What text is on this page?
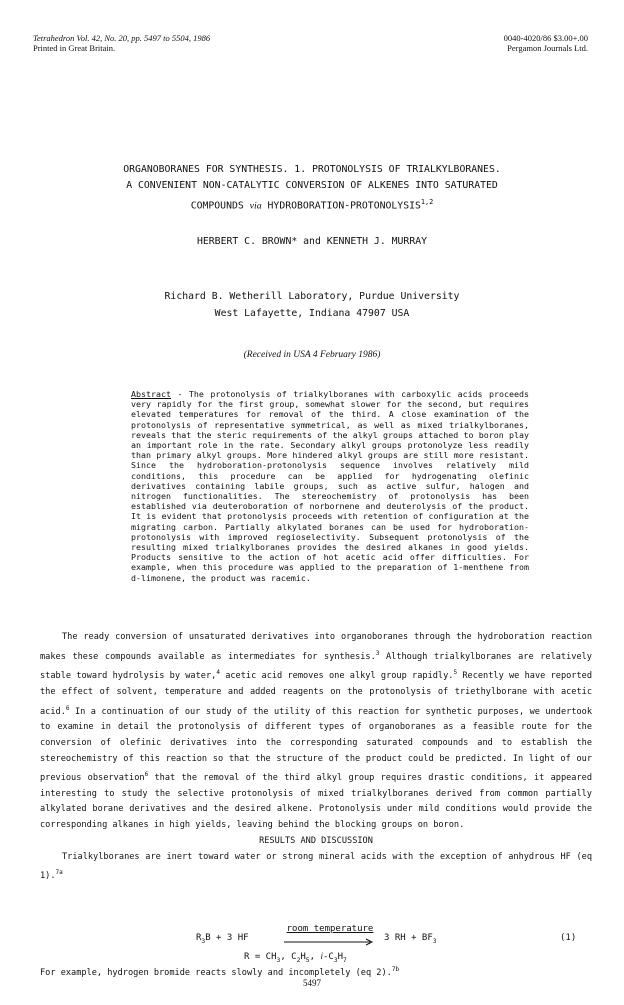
Tetrahedron Vol. 42, No. 20, pp. 5497 to 5504, 1986
Printed in Great Britain.
0040-4020/86 $3.00+.00
Pergamon Journals Ltd.
ORGANOBORANES FOR SYNTHESIS. 1. PROTONOLYSIS OF TRIALKYLBORANES.
A CONVENIENT NON-CATALYTIC CONVERSION OF ALKENES INTO SATURATED
COMPOUNDS via HYDROBORATION-PROTONOLYSIS$^{1,2}$
HERBERT C. BROWN* and KENNETH J. MURRAY
Richard B. Wetherill Laboratory, Purdue University
West Lafayette, Indiana 47907 USA
(Received in USA 4 February 1986)
Abstract - The protonolysis of trialkylboranes with carboxylic acids proceeds very rapidly for the first group, somewhat slower for the second, but requires elevated temperatures for removal of the third. A close examination of the protonolysis of representative symmetrical, as well as mixed trialkylboranes, reveals that the steric requirements of the alkyl groups attached to boron play an important role in the rate. Secondary alkyl groups protonolyze less readily than primary alkyl groups. More hindered alkyl groups are still more resistant. Since the hydroboration-protonolysis sequence involves relatively mild conditions, this procedure can be applied for hydrogenating olefinic derivatives containing labile groups, such as active sulfur, halogen and nitrogen functionalities. The stereochemistry of protonolysis has been established via deuteroboration of norbornene and deuterolysis of the product. It is evident that protonolysis proceeds with retention of configuration at the migrating carbon. Partially alkylated boranes can be used for hydroboration-protonolysis with improved regioselectivity. Subsequent protonolysis of the resulting mixed trialkylboranes provides the desired alkanes in good yields. Products sensitive to the action of hot acetic acid offer difficulties. For example, when this procedure was applied to the preparation of 1-menthene from d-limonene, the product was racemic.

The ready conversion of unsaturated derivatives into organoboranes through the hydroboration reaction makes these compounds available as intermediates for synthesis.$^3$ Although trialkylboranes are relatively stable toward hydrolysis by water,$^4$ acetic acid removes one alkyl group rapidly.$^5$ Recently we have reported the effect of solvent, temperature and added reagents on the protonolysis of triethylborane with acetic acid.$^6$ In a continuation of our study of the utility of this reaction for synthetic purposes, we undertook to examine in detail the protonolysis of different types of organoboranes as a feasible route for the conversion of olefinic derivatives into the corresponding saturated compounds and to establish the stereochemistry of this reaction so that the structure of the product could be predicted. In light of our previous observation$^6$ that the removal of the third alkyl group requires drastic conditions, it appeared interesting to study the selective protonolysis of mixed trialkylboranes derived from common partially alkylated borane derivatives and the desired alkene. Protonolysis under mild conditions would provide the corresponding alkanes in high yields, leaving behind the blocking groups on boron.

RESULTS AND DISCUSSION

Trialkylboranes are inert toward water or strong mineral acids with the exception of anhydrous HF (eq 1).$^{7a}$

$R_3B + 3$ HF
room temperature
3 RH + $BF_3$	(1)
$R = CH_3$, $C_2H_5$, $i-C_3H_7$
For example, hydrogen bromide reacts slowly and incompletely (eq 2).$^{7b}$
5497
